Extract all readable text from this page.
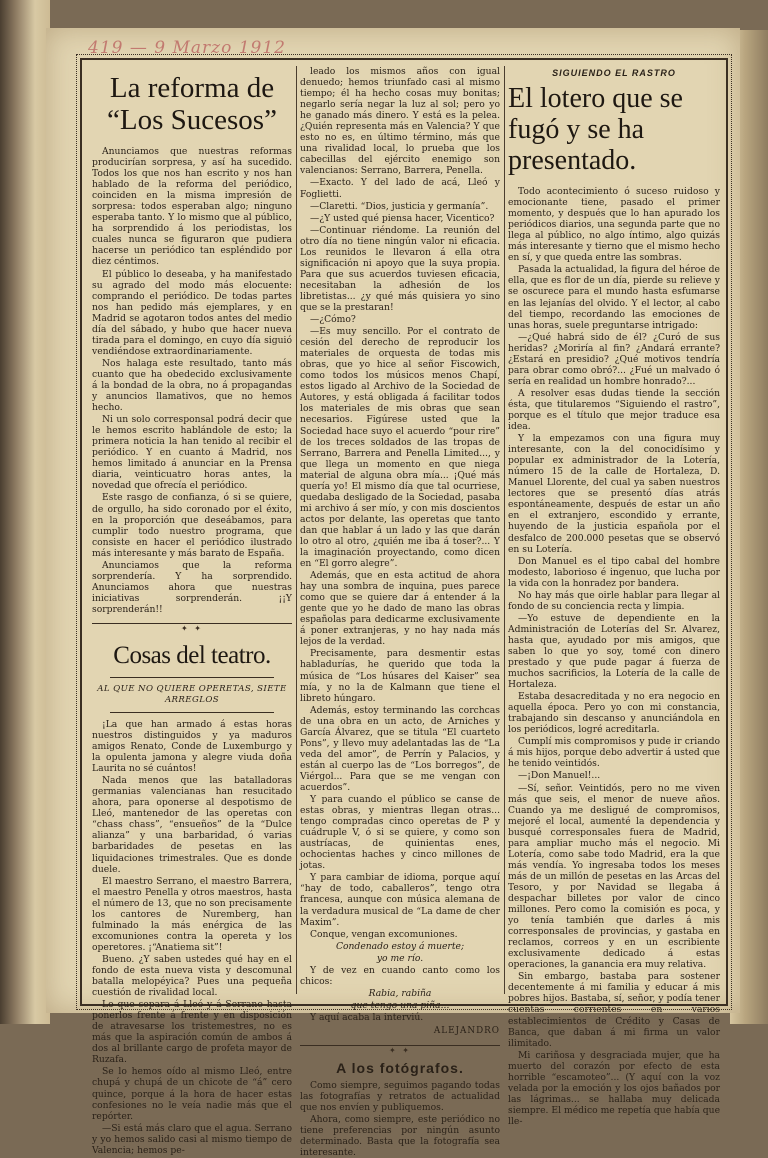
419 — 9 Marzo 1912
La reforma de
“Los Sucesos”

Anunciamos que nuestras reformas producirían sorpresa, y así ha sucedido. Todos los que nos han escrito y nos han hablado de la reforma del periódico, coinciden en la misma impresión de sorpresa: todos esperaban algo; ninguno esperaba tanto. Y lo mismo que al público, ha sorprendido á los periodistas, los cuales nunca se figuraron que pudiera hacerse un periódico tan espléndido por diez céntimos.

El público lo deseaba, y ha manifestado su agrado del modo más elocuente: comprando el periódico. De todas partes nos han pedido más ejemplares, y en Madrid se agotaron todos antes del medio día del sábado, y hubo que hacer nueva tirada para el domingo, en cuyo día siguió vendiéndose extraordinariamente.

Nos halaga este resultado, tanto más cuanto que ha obedecido exclusivamente á la bondad de la obra, no á propagandas y anuncios llamativos, que no hemos hecho.

Ni un solo corresponsal podrá decir que le hemos escrito hablándole de esto; la primera noticia la han tenido al recibir el periódico. Y en cuanto á Madrid, nos hemos limitado á anunciar en la Prensa diaria, veinticuatro horas antes, la novedad que ofrecía el periódico.

Este rasgo de confianza, ó si se quiere, de orgullo, ha sido coronado por el éxito, en la proporción que deseábamos, para cumplir todo nuestro programa, que consiste en hacer el periódico ilustrado más interesante y más barato de España.

Anunciamos que la reforma sorprendería. Y ha sorprendido. Anunciamos ahora que nuestras iniciativas sorprenderán. ¡¡Y sorprenderán!!

✦ ✦
Cosas del teatro.
AL QUE NO QUIERE OPERETAS, SIETE ARREGLOS

¡La que han armado á estas horas nuestros distinguidos y ya maduros amigos Renato, Conde de Luxemburgo y la opulenta jamona y alegre viuda doña Laurita no sé cuántos!

Nada menos que las batalladoras germanias valencianas han resucitado ahora, para oponerse al despotismo de Lleó, mantenedor de las operetas con “chass chass”, “ensueños” de la “Dulce alianza” y una barbaridad, ó varias barbaridades de pesetas en las liquidaciones trimestrales. Que es donde duele.

El maestro Serrano, el maestro Barrera, el maestro Penella y otros maestros, hasta el número de 13, que no son precisamente los cantores de Nuremberg, han fulminado la más enérgica de las excomuniones contra la opereta y los operetores. ¡“Anatiema sit”!

Bueno. ¿Y saben ustedes qué hay en el fondo de esta nueva vista y descomunal batalla melopéyica? Pues una pequeña cuestión de rivalidad local.

Lo que separa á Lleó y á Serrano hasta ponerlos frente á frente y en disposición de atravesarse los tristemestres, no es más que la aspiración común de ambos á dos al brillante cargo de profeta mayor de Ruzafa.

Se lo hemos oído al mismo Lleó, entre chupá y chupá de un chicote de “á” cero quince, porque á la hora de hacer estas confesiones no le veía nadie más que el repórter.

—Si está más claro que el agua. Serrano y yo hemos salido casi al mismo tiempo de Valencia; hemos pe-

leado los mismos años con igual denuedo; hemos triunfado casi al mismo tiempo; él ha hecho cosas muy bonitas; negarlo sería negar la luz al sol; pero yo he ganado más dinero. Y está es la pelea. ¿Quién representa más en Valencia? Y que esto no es, en último término, más que una rivalidad local, lo prueba que los cabecillas del ejército enemigo son valencianos: Serrano, Barrera, Penella.

—Exacto. Y del lado de acá, Lleó y Foglietti.

—Claretti. “Dios, justicia y germanía”.

—¿Y usted qué piensa hacer, Vicentico?

—Continuar riéndome. La reunión del otro día no tiene ningún valor ni eficacia. Los reunidos le llevaron á ella otra significación ni apoyo que la suya propia. Para que sus acuerdos tuviesen eficacia, necesitaban la adhesión de los libretistas... ¿y qué más quisiera yo sino que se la prestaran!

—¿Cómo?

—Es muy sencillo. Por el contrato de cesión del derecho de reproducir los materiales de orquesta de todas mis obras, que yo hice al señor Fiscowich, como todos los músicos menos Chapí, estos ligado al Archivo de la Sociedad de Autores, y está obligada á facilitar todos los materiales de mis obras que sean necesarios. Figúrese usted que la Sociedad hace suyo el acuerdo “pour rire” de los treces soldados de las tropas de Serrano, Barrera and Penella Limited..., y que llega un momento en que niega material de alguna obra mía... ¡Qué más quería yo! El mismo día que tal ocurriese, quedaba desligado de la Sociedad, pasaba mi archivo á ser mío, y con mis doscientos actos por delante, las operetas que tanto dan que hablar á un lado y las que darán lo otro al otro, ¿quién me iba á toser?... Y la imaginación proyectando, como dicen en “El gorro alegre”.

Además, que en esta actitud de ahora hay una sombra de inquina, pues parece como que se quiere dar á entender á la gente que yo he dado de mano las obras españolas para dedicarme exclusivamente á poner extranjeras, y no hay nada más lejos de la verdad.

Precisamente, para desmentir estas habladurías, he querido que toda la música de “Los húsares del Kaiser” sea mía, y no la de Kalmann que tiene el libreto húngaro.

Además, estoy terminando las corchcas de una obra en un acto, de Arniches y García Álvarez, que se titula “El cuarteto Pons”, y llevo muy adelantadas las de “La veda del amor”, de Perrín y Palacios, y están al cuerpo las de “Los borregos”, de Viérgol... Para que se me vengan con acuerdos”.

Y para cuando el público se canse de estas obras, y mientras llegan otras... tengo compradas cinco operetas de P y cuádruple V, ó si se quiere, y como son austríacas, de quinientas enes, ochocientas haches y cinco millones de jotas.

Y para cambiar de idioma, porque aquí “hay de todo, caballeros”, tengo otra francesa, aunque con música alemana de la verdadura musical de “La dame de cher Maxim”.

Conque, vengan excomuniones.

Condenado estoy á muerte;

yo me río.

Y de vez en cuando canto como los chicos:

Rabia, rabiña

que tengo una piña...

Y aquí acaba la interviú.

ALEJANDRO

✦ ✦
A los fotógrafos.

Como siempre, seguimos pagando todas las fotografías y retratos de actualidad que nos envíen y publiquemos.

Ahora, como siempre, este periódico no tiene preferencias por ningún asunto determinado. Basta que la fotografía sea interesante.

SIGUIENDO EL RASTRO
El lotero que se fugó y se ha presentado.

Todo acontecimiento ó suceso ruidoso y emocionante tiene, pasado el primer momento, y después que lo han apurado los periódicos diarios, una segunda parte que no llega al público, no algo íntimo, algo quizás más interesante y tierno que el mismo hecho en sí, y que queda entre las sombras.

Pasada la actualidad, la figura del héroe de ella, que es flor de un día, pierde su relieve y se oscurece para el mundo hasta esfumarse en las lejanías del olvido. Y el lector, al cabo del tiempo, recordando las emociones de unas horas, suele preguntarse intrigado:

—¿Qué habrá sido de él? ¿Curó de sus heridas? ¿Moriría al fin? ¿Andará errante? ¿Estará en presidio? ¿Qué motivos tendría para obrar como obró?... ¿Fué un malvado ó sería en realidad un hombre honrado?...

A resolver esas dudas tiende la sección ésta, que titularemos “Siguiendo el rastro”, porque es el título que mejor traduce esa idea.

Y la empezamos con una figura muy interesante, con la del conocidísimo y popular ex administrador de la Lotería, número 15 de la calle de Hortaleza, D. Manuel Llorente, del cual ya saben nuestros lectores que se presentó días atrás espontáneamente, después de estar un año en el extranjero, escondido y errante, huyendo de la justicia española por el desfalco de 200.000 pesetas que se observó en su Lotería.

Don Manuel es el tipo cabal del hombre modesto, laborioso é ingenuo, que lucha por la vida con la honradez por bandera.

No hay más que oirle hablar para llegar al fondo de su conciencia recta y limpia.

—Yo estuve de dependiente en la Administración de Loterías del Sr. Alvarez, hasta que, ayudado por mis amigos, que saben lo que yo soy, tomé con dinero prestado y que pude pagar á fuerza de muchos sacrificios, la Lotería de la calle de Hortaleza.

Estaba desacreditada y no era negocio en aquella época. Pero yo con mi constancia, trabajando sin descanso y anunciándola en los periódicos, logré acreditarla.

Cumplí mis compromisos y pude ir criando á mis hijos, porque debo advertir á usted que he tenido veintidós.

—¡Don Manuel!...

—Sí, señor. Veintidós, pero no me viven más que seis, el menor de nueve años. Cuando ya me desligué de compromisos, mejoré el local, aumenté la dependencia y busqué corresponsales fuera de Madrid, para ampliar mucho más el negocio. Mi Lotería, como sabe todo Madrid, era la que más vendía. Yo ingresaba todos los meses más de un millón de pesetas en las Arcas del Tesoro, y por Navidad se llegaba á despachar billetes por valor de cinco millones. Pero como la comisión es poca, y yo tenía también que darles á mis corresponsales de provincias, y gastaba en reclamos, correos y en un escribiente exclusivamente dedicado á estas operaciones, la ganancia era muy relativa.

Sin embargo, bastaba para sostener decentemente á mi familia y educar á mis pobres hijos. Bastaba, sí, señor, y podía tener cuentas corrientes en varios establecimientos de Crédito y Casas de Banca, que daban á mi firma un valor ilimitado.

Mi cariñosa y desgraciada mujer, que ha muerto del corazón por efecto de esta horrible “escamoteo”... (Y aquí con la voz velada por la emoción y los ojos bañados por las lágrimas... se hallaba muy delicada siempre. El médico me repetía que había que lle-
